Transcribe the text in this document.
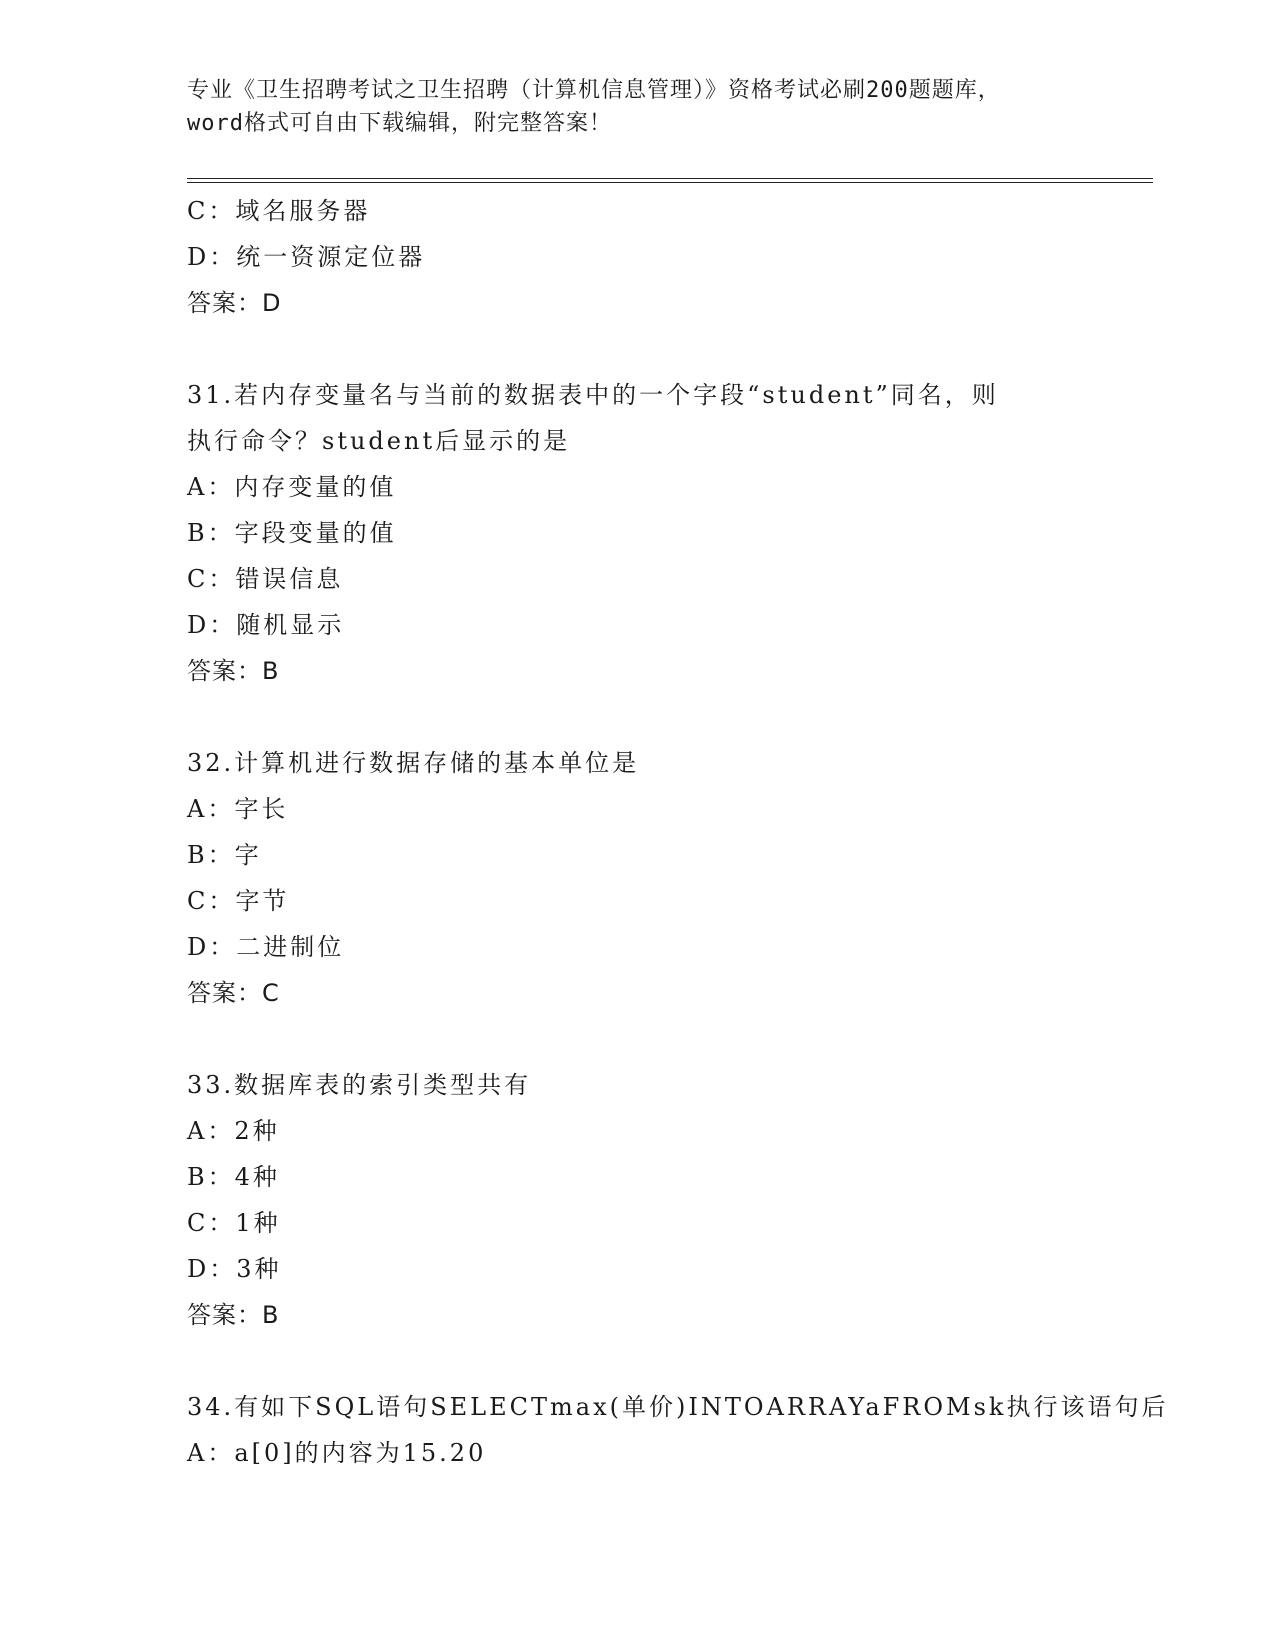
专业《卫生招聘考试之卫生招聘（计算机信息管理）》资格考试必刷200题题库，
word格式可自由下载编辑，附完整答案！
C：域名服务器
D：统一资源定位器
答案：D
31.若内存变量名与当前的数据表中的一个字段“student”同名，则
执行命令？student后显示的是
A：内存变量的值
B：字段变量的值
C：错误信息
D：随机显示
答案：B
32.计算机进行数据存储的基本单位是
A：字长
B：字
C：字节
D：二进制位
答案：C
33.数据库表的索引类型共有
A：2种
B：4种
C：1种
D：3种
答案：B
34.有如下SQL语句SELECTmax(单价)INTOARRAYaFROMsk执行该语句后
A：a[0]的内容为15.20
